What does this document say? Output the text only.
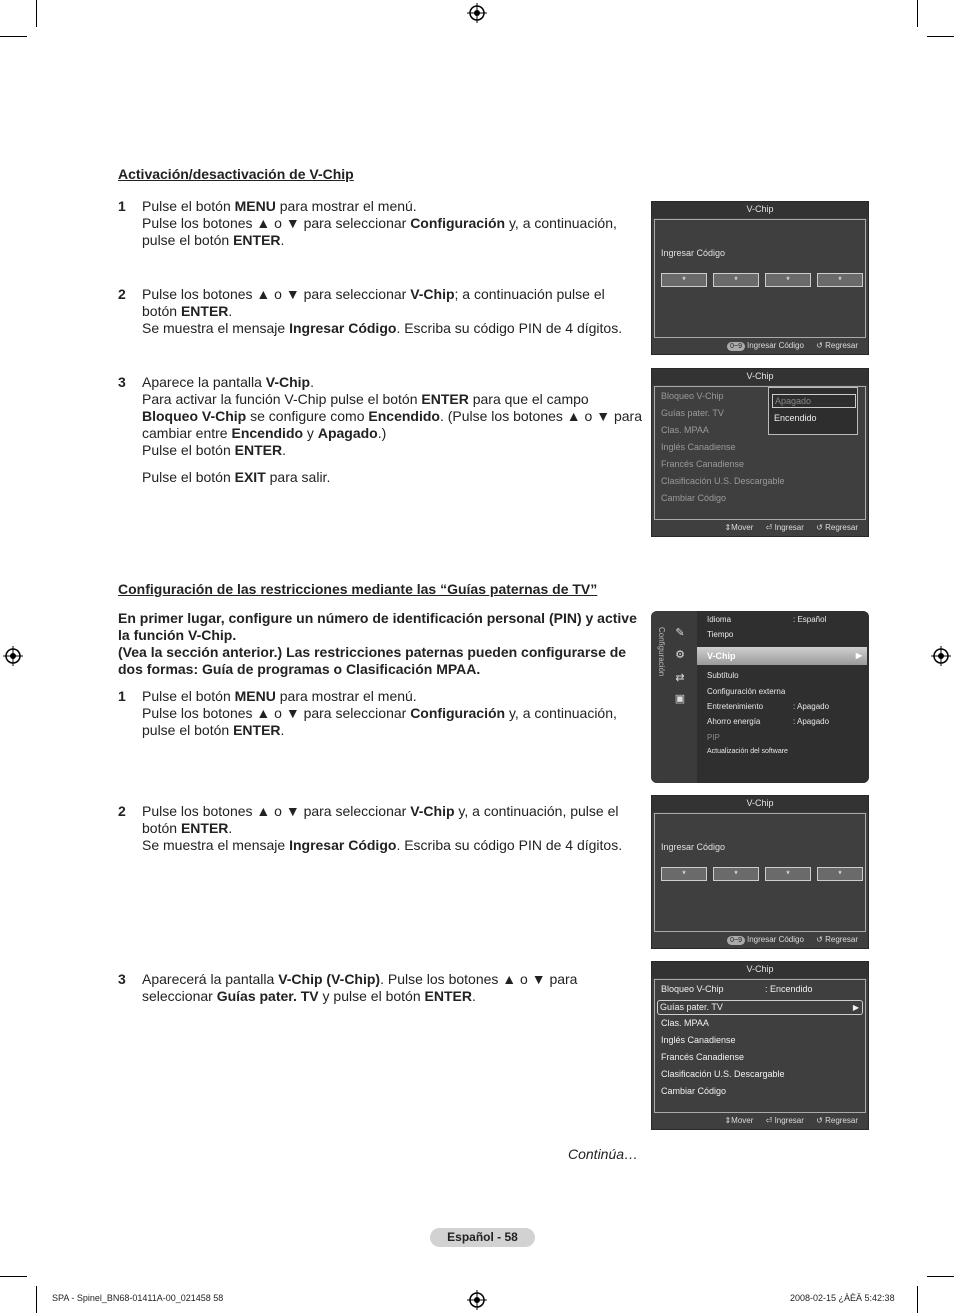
Activación/desactivación de V-Chip
1 Pulse el botón MENU para mostrar el menú.

Pulse los botones ▲ o ▼ para seleccionar Configuración y, a continuación,

pulse el botón ENTER.

2 Pulse los botones ▲ o ▼ para seleccionar V-Chip; a continuación pulse el

botón ENTER.

Se muestra el mensaje Ingresar Código. Escriba su código PIN de 4 dígitos.

3 Aparece la pantalla V-Chip.

Para activar la función V-Chip pulse el botón ENTER para que el campo

Bloqueo V-Chip se configure como Encendido. (Pulse los botones ▲ o ▼ para

cambiar entre Encendido y Apagado.)

Pulse el botón ENTER.

Pulse el botón EXIT para salir.

V-Chip
Ingresar Código
*	*	*	*
0~9 Ingresar Código ↺ Regresar
V-Chip
Bloqueo V-Chip
Guías pater. TV
Clas. MPAA
Inglés Canadiense
Francés Canadiense
Clasificación U.S. Descargable
Cambiar Código
⇕Mover ⏎ Ingresar ↺ Regresar
Apagado
Encendido
Configuración de las restricciones mediante las “Guías paternas de TV”
En primer lugar, configure un número de identificación personal (PIN) y active
la función V-Chip.
(Vea la sección anterior.) Las restricciones paternas pueden configurarse de
dos formas: Guía de programas o Clasificación MPAA.
1 Pulse el botón MENU para mostrar el menú.

Pulse los botones ▲ o ▼ para seleccionar Configuración y, a continuación,

pulse el botón ENTER.

2 Pulse los botones ▲ o ▼ para seleccionar V-Chip y, a continuación, pulse el

botón ENTER.

Se muestra el mensaje Ingresar Código. Escriba su código PIN de 4 dígitos.

3 Aparecerá la pantalla V-Chip (V-Chip). Pulse los botones ▲ o ▼ para

seleccionar Guías pater. TV y pulse el botón ENTER.

Configuración ✎
⚙
⇄
▣
Idioma	: Español
Tiempo
V-Chip	▶
Subtítulo
Configuración externa
Entretenimiento	: Apagado
Ahorro energía	: Apagado
PIP
Actualización del software
V-Chip
Ingresar Código
*	*	*	*
0~9 Ingresar Código ↺ Regresar
V-Chip
Bloqueo V-Chip	: Encendido
Guías pater. TV	▶
Clas. MPAA
Inglés Canadiense
Francés Canadiense
Clasificación U.S. Descargable
Cambiar Código
⇕Mover ⏎ Ingresar ↺ Regresar
Continúa…
Español - 58
SPA - Spinel_BN68-01411A-00_021458 58	2008-02-15 ¿ÀÈÄ 5:42:38
